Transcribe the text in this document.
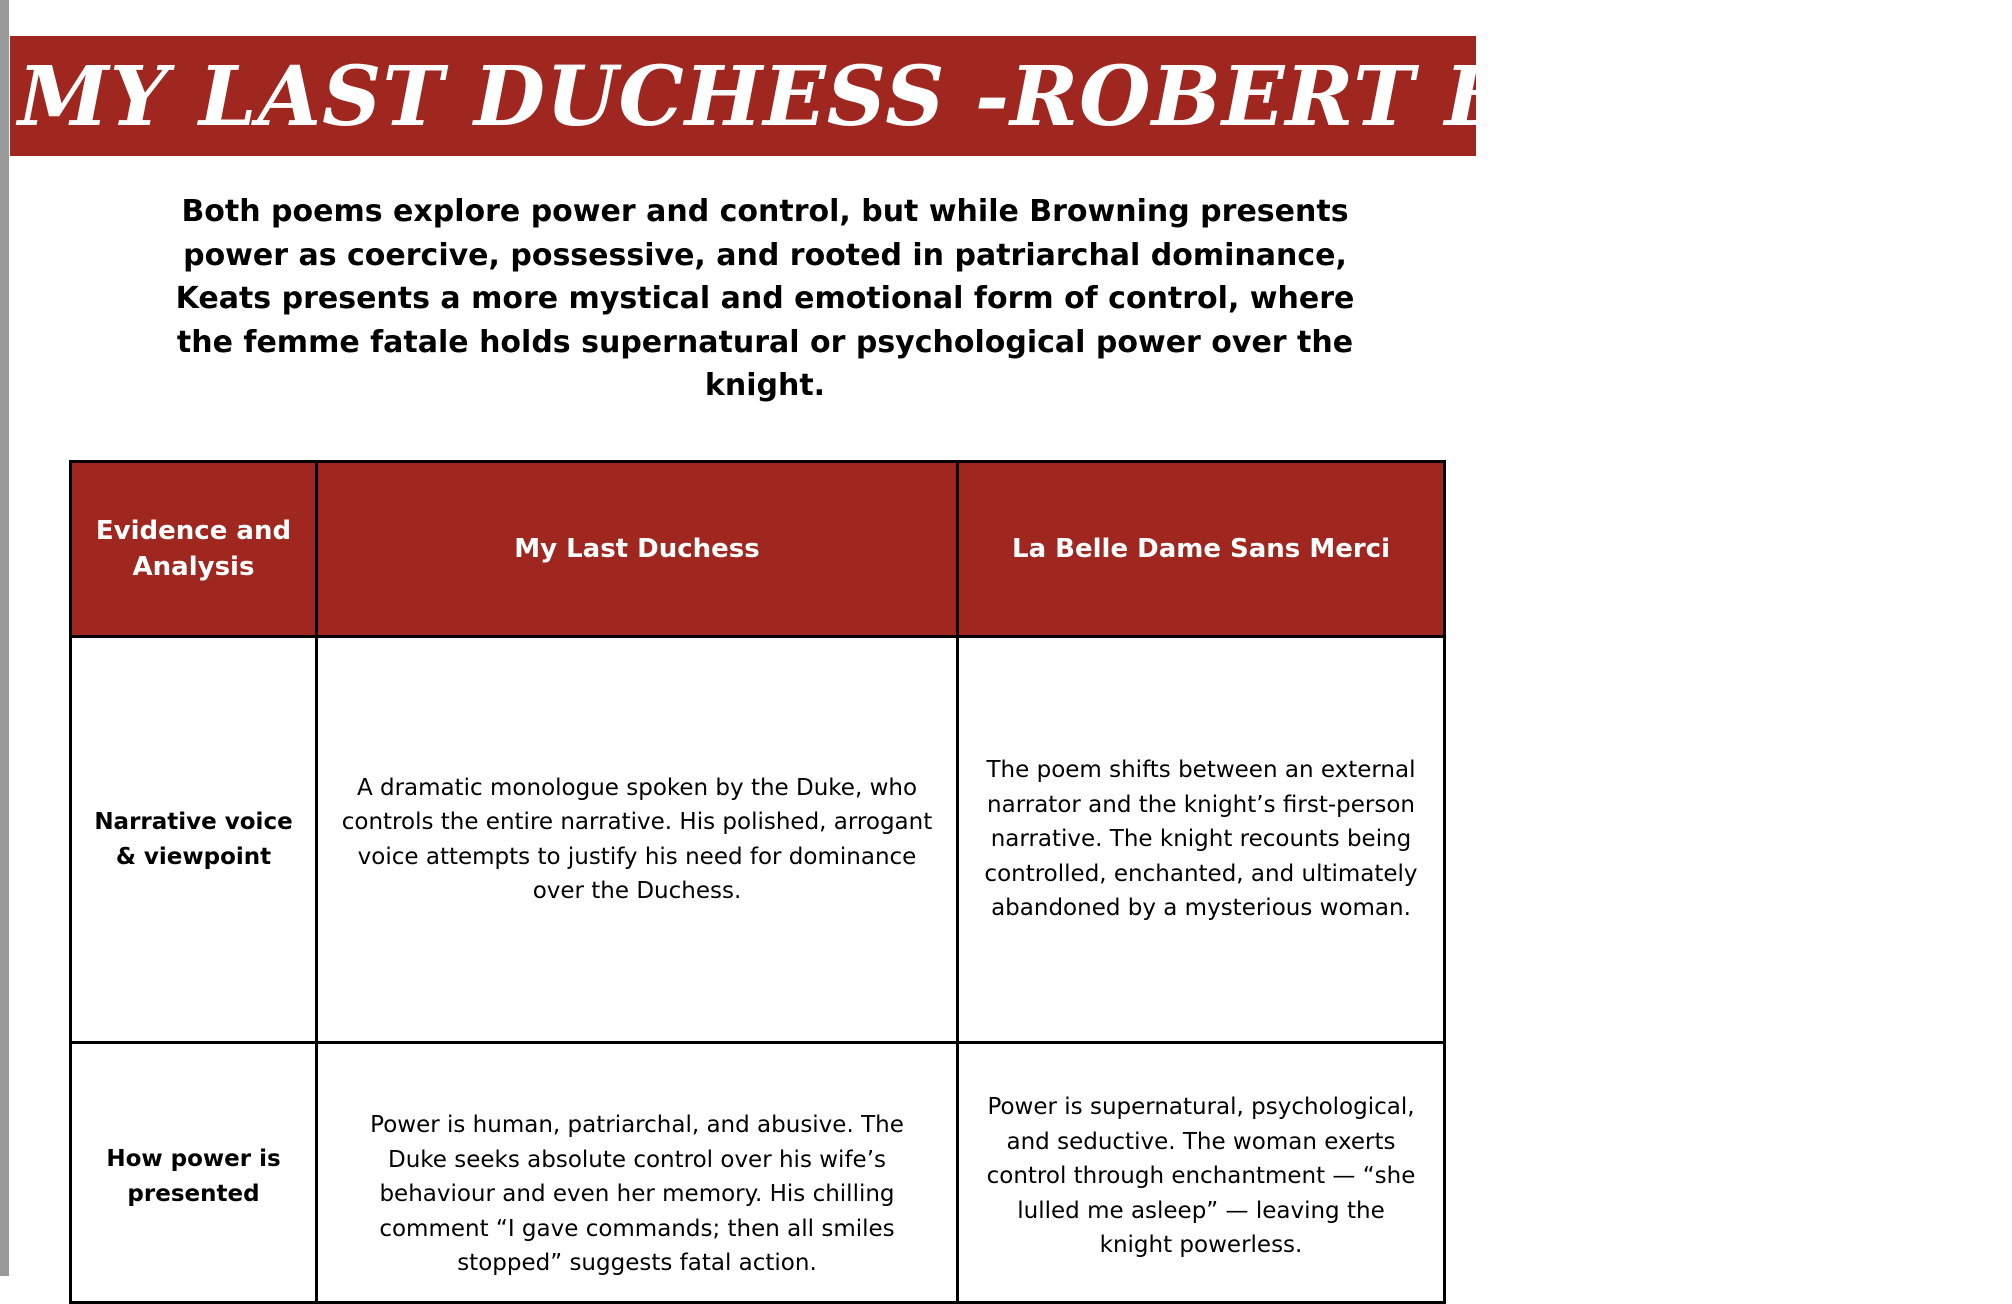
MY LAST DUCHESS -ROBERT BROWNING
Both poems explore power and control, but while Browning presents power as coercive, possessive, and rooted in patriarchal dominance, Keats presents a more mystical and emotional form of control, where the femme fatale holds supernatural or psychological power over the knight.
Evidence and Analysis	My Last Duchess	La Belle Dame Sans Merci
Narrative voice & viewpoint	A dramatic monologue spoken by the Duke, who controls the entire narrative. His polished, arrogant voice attempts to justify his need for dominance over the Duchess.	The poem shifts between an external narrator and the knight’s first-person narrative. The knight recounts being controlled, enchanted, and ultimately abandoned by a mysterious woman.
How power is presented	Power is human, patriarchal, and abusive. The Duke seeks absolute control over his wife’s behaviour and even her memory. His chilling comment “I gave commands; then all smiles stopped” suggests fatal action.	Power is supernatural, psychological, and seductive. The woman exerts control through enchantment — “she lulled me asleep” — leaving the knight powerless.
